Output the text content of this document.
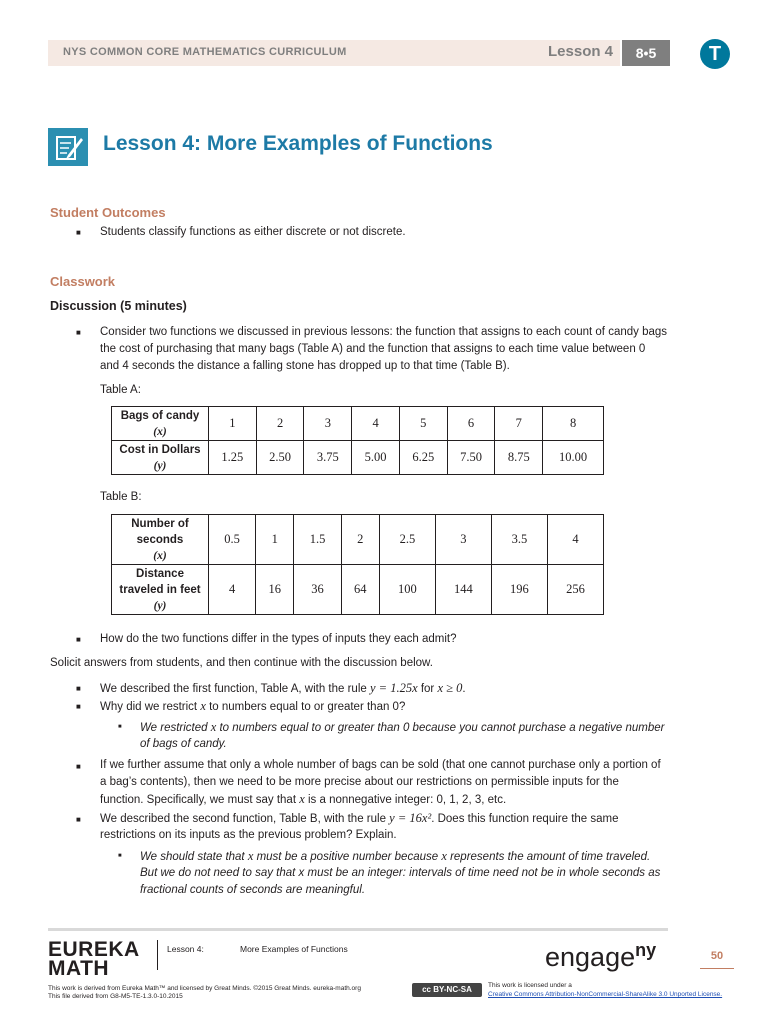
NYS COMMON CORE MATHEMATICS CURRICULUM	Lesson 4	8•5	T
Lesson 4: More Examples of Functions
Student Outcomes
■ Students classify functions as either discrete or not discrete.
Classwork
Discussion (5 minutes)
■ Consider two functions we discussed in previous lessons: the function that assigns to each count of candy bags
the cost of purchasing that many bags (Table A) and the function that assigns to each time value between 0
and 4 seconds the distance a falling stone has dropped up to that time (Table B).
Table A:
Bags of candy
(x)	1	2	3	4	5	6	7	8
Cost in Dollars
(y)	1.25	2.50	3.75	5.00	6.25	7.50	8.75	10.00
Table B:
Number of
seconds
(x)	0.5	1	1.5	2	2.5	3	3.5	4
Distance
traveled in feet
(y)	4	16	36	64	100	144	196	256
■ How do the two functions differ in the types of inputs they each admit?
Solicit answers from students, and then continue with the discussion below.
■ We described the first function, Table A, with the rule y = 1.25x for x ≥ 0.
■ Why did we restrict x to numbers equal to or greater than 0?
■ We restricted x to numbers equal to or greater than 0 because you cannot purchase a negative number
of bags of candy.
■ If we further assume that only a whole number of bags can be sold (that one cannot purchase only a portion of
a bag’s contents), then we need to be more precise about our restrictions on permissible inputs for the
function. Specifically, we must say that x is a nonnegative integer: 0, 1, 2, 3, etc.
■ We described the second function, Table B, with the rule y = 16x². Does this function require the same
restrictions on its inputs as the previous problem? Explain.
■ We should state that x must be a positive number because x represents the amount of time traveled.
But we do not need to say that x must be an integer: intervals of time need not be in whole seconds as
fractional counts of seconds are meaningful.
EUREKA
MATH
Lesson 4:	More Examples of Functions	engage$^{ny}$	50
This work is derived from Eureka Math™ and licensed by Great Minds. ©2015 Great Minds. eureka-math.org
This file derived from G8-M5-TE-1.3.0-10.2015
cc BY-NC-SA	This work is licensed under a
Creative Commons Attribution-NonCommercial-ShareAlike 3.0 Unported License.
